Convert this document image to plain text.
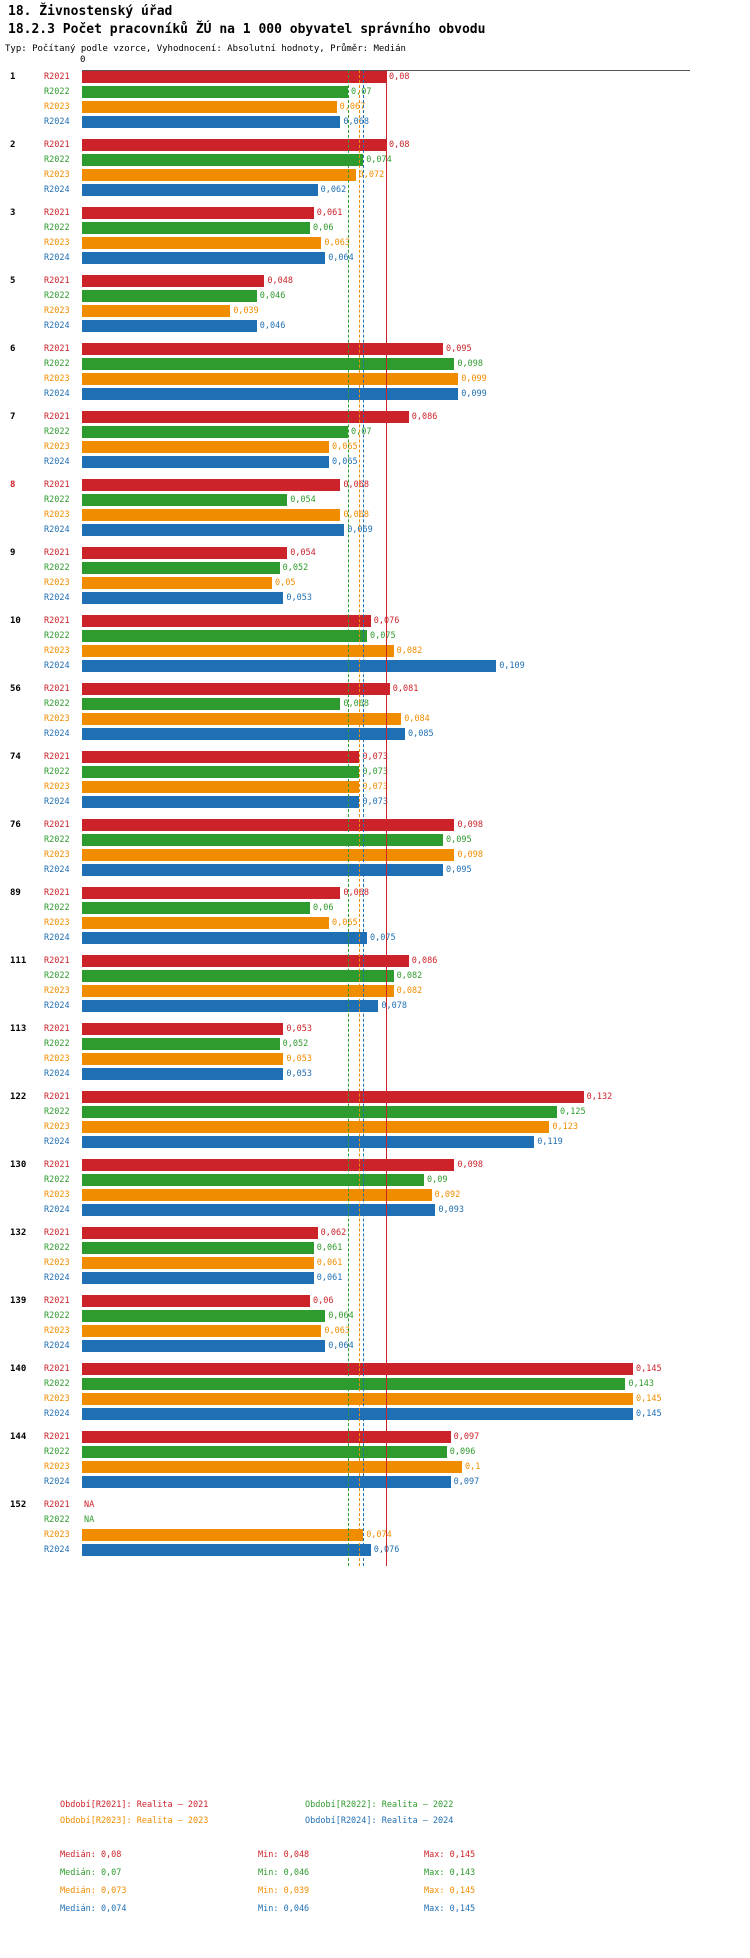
18. Živnostenský úřad
18.2.3 Počet pracovníků ŽÚ na 1 000 obyvatel správního obvodu
Typ: Počítaný podle vzorce, Vyhodnocení: Absolutní hodnoty, Průměr: Medián
0
1	R2021	0,08
R2022	0,07
R2023	0,067
R2024	0,068
2	R2021	0,08
R2022	0,074
R2023	0,072
R2024	0,062
3	R2021	0,061
R2022	0,06
R2023	0,063
R2024	0,064
5	R2021	0,048
R2022	0,046
R2023	0,039
R2024	0,046
6	R2021	0,095
R2022	0,098
R2023	0,099
R2024	0,099
7	R2021	0,086
R2022	0,07
R2023	0,065
R2024	0,065
8	R2021	0,068
R2022	0,054
R2023	0,068
R2024	0,069
9	R2021	0,054
R2022	0,052
R2023	0,05
R2024	0,053
10	R2021	0,076
R2022	0,075
R2023	0,082
R2024	0,109
56	R2021	0,081
R2022	0,068
R2023	0,084
R2024	0,085
74	R2021	0,073
R2022	0,073
R2023	0,073
R2024	0,073
76	R2021	0,098
R2022	0,095
R2023	0,098
R2024	0,095
89	R2021	0,068
R2022	0,06
R2023	0,065
R2024	0,075
111 R2021	0,086
R2022	0,082
R2023	0,082
R2024	0,078
113 R2021	0,053
R2022	0,052
R2023	0,053
R2024	0,053
122 R2021	0,132
R2022	0,125
R2023	0,123
R2024	0,119
130 R2021	0,098
R2022	0,09
R2023	0,092
R2024	0,093
132 R2021	0,062
R2022	0,061
R2023	0,061
R2024	0,061
139 R2021	0,06
R2022	0,064
R2023	0,063
R2024	0,064
140 R2021	0,145
R2022	0,143
R2023	0,145
R2024	0,145
144 R2021	0,097
R2022	0,096
R2023	0,1
R2024	0,097
152 R2021 NA
R2022 NA
R2023	0,074
R2024	0,076
Období[R2021]: Realita – 2021	Období[R2022]: Realita – 2022
Období[R2023]: Realita – 2023	Období[R2024]: Realita – 2024
Medián: 0,08	Min: 0,048	Max: 0,145
Medián: 0,07	Min: 0,046	Max: 0,143
Medián: 0,073	Min: 0,039	Max: 0,145
Medián: 0,074	Min: 0,046	Max: 0,145
